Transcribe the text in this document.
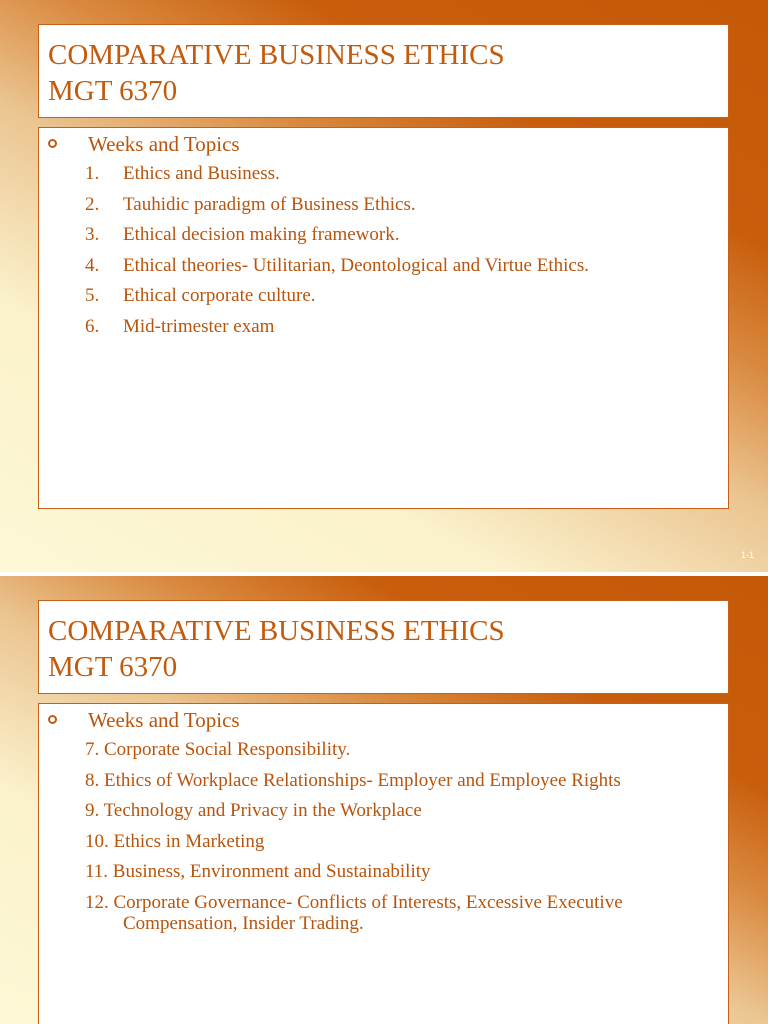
COMPARATIVE BUSINESS ETHICS
MGT 6370
Weeks and Topics
1. Ethics and Business.
2. Tauhidic paradigm of Business Ethics.
3. Ethical decision making framework.
4. Ethical theories- Utilitarian, Deontological and Virtue Ethics.
5. Ethical corporate culture.
6. Mid-trimester exam
1-1
COMPARATIVE BUSINESS ETHICS
MGT 6370
Weeks and Topics
7. Corporate Social Responsibility.
8. Ethics of Workplace Relationships- Employer and Employee Rights
9. Technology and Privacy in the Workplace
10. Ethics in Marketing
11. Business, Environment and Sustainability
12. Corporate Governance- Conflicts of Interests, Excessive Executive
Compensation, Insider Trading.
